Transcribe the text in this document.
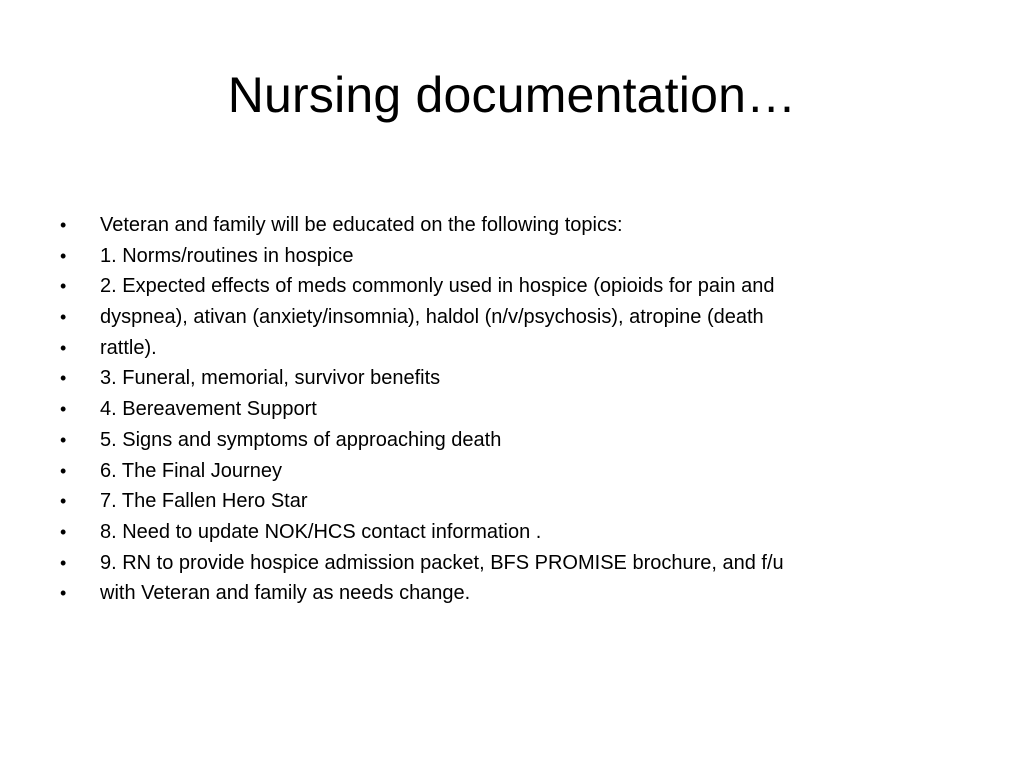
Nursing documentation…
•	Veteran and family will be educated on the following topics:
•	1. Norms/routines in hospice
•	2. Expected effects of meds commonly used in hospice (opioids for pain and
•	dyspnea), ativan (anxiety/insomnia), haldol (n/v/psychosis), atropine (death
•	rattle).
•	3. Funeral, memorial, survivor benefits
•	4. Bereavement Support
•	5. Signs and symptoms of approaching death
•	6. The Final Journey
•	7. The Fallen Hero Star
•	8. Need to update NOK/HCS contact information .
•	9. RN to provide hospice admission packet, BFS PROMISE brochure, and f/u
•	with Veteran and family as needs change.
